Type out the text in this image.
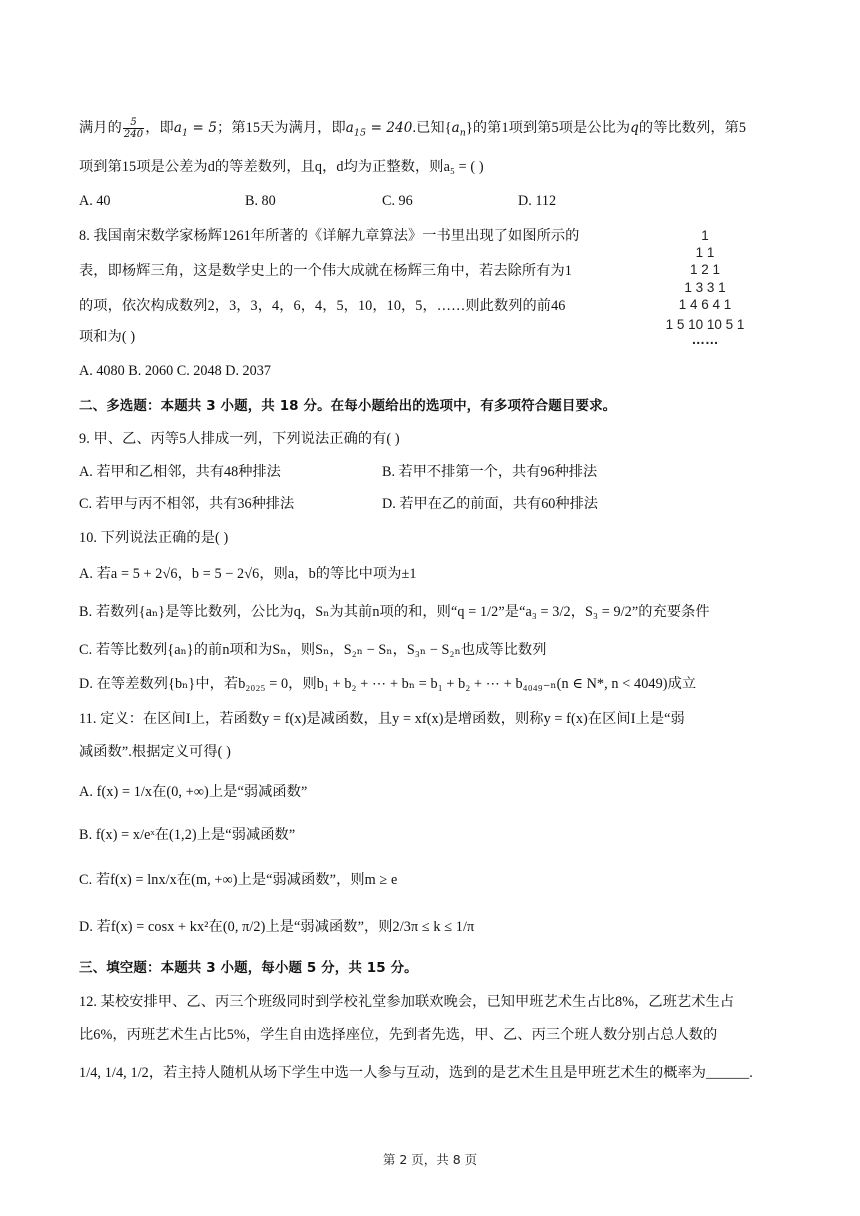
满月的 $\frac{5}{240}$ ，即$a_1 = 5$；第15天为满月，即$a_{15} = 240$.已知$\{a_n\}$的第1项到第5项是公比为q的等比数列，第5
项到第15项是公差为d的等差数列，且q，d均为正整数，则a₅ = ( )
A. 40	B. 80	C. 96	D. 112
8. 我国南宋数学家杨辉1261年所著的《详解九章算法》一书里出现了如图所示的
表，即杨辉三角，这是数学史上的一个伟大成就在杨辉三角中，若去除所有为1
的项，依次构成数列2，3，3，4，6，4，5，10，10，5，……则此数列的前46
项和为( )
A. 4080 B. 2060 C. 2048 D. 2037
1
1 1
1 2 1
1 3 3 1
1 4 6 4 1
1 5 10 10 5 1
……
二、多选题：本题共 3 小题，共 18 分。在每小题给出的选项中，有多项符合题目要求。
9. 甲、乙、丙等5人排成一列，下列说法正确的有( )
A. 若甲和乙相邻，共有48种排法	B. 若甲不排第一个，共有96种排法
C. 若甲与丙不相邻，共有36种排法	D. 若甲在乙的前面，共有60种排法
10. 下列说法正确的是( )
A. 若a = 5 + 2√6，b = 5 − 2√6，则a，b的等比中项为±1
B. 若数列{aₙ}是等比数列，公比为q，Sₙ为其前n项的和，则“q = 1/2”是“a₃ = 3/2，S₃ = 9/2”的充要条件
C. 若等比数列{aₙ}的前n项和为Sₙ，则Sₙ，S₂ₙ − Sₙ，S₃ₙ − S₂ₙ也成等比数列
D. 在等差数列{bₙ}中，若b₂₀₂₅ = 0，则b₁ + b₂ + ⋯ + bₙ = b₁ + b₂ + ⋯ + b₄₀₄₉₋ₙ(n ∈ N*, n < 4049)成立
11. 定义：在区间I上，若函数y = f(x)是减函数，且y = xf(x)是增函数，则称y = f(x)在区间I上是“弱
减函数”.根据定义可得( )
A. f(x) = 1/x在(0, +∞)上是“弱减函数”
B. f(x) = x/eˣ在(1,2)上是“弱减函数”
C. 若f(x) = lnx/x在(m, +∞)上是“弱减函数”，则m ≥ e
D. 若f(x) = cosx + kx²在(0, π/2)上是“弱减函数”，则2/3π ≤ k ≤ 1/π
三、填空题：本题共 3 小题，每小题 5 分，共 15 分。
12. 某校安排甲、乙、丙三个班级同时到学校礼堂参加联欢晚会，已知甲班艺术生占比8%，乙班艺术生占
比6%，丙班艺术生占比5%，学生自由选择座位，先到者先选，甲、乙、丙三个班人数分别占总人数的
1/4, 1/4, 1/2，若主持人随机从场下学生中选一人参与互动，选到的是艺术生且是甲班艺术生的概率为______.
第 2 页，共 8 页
